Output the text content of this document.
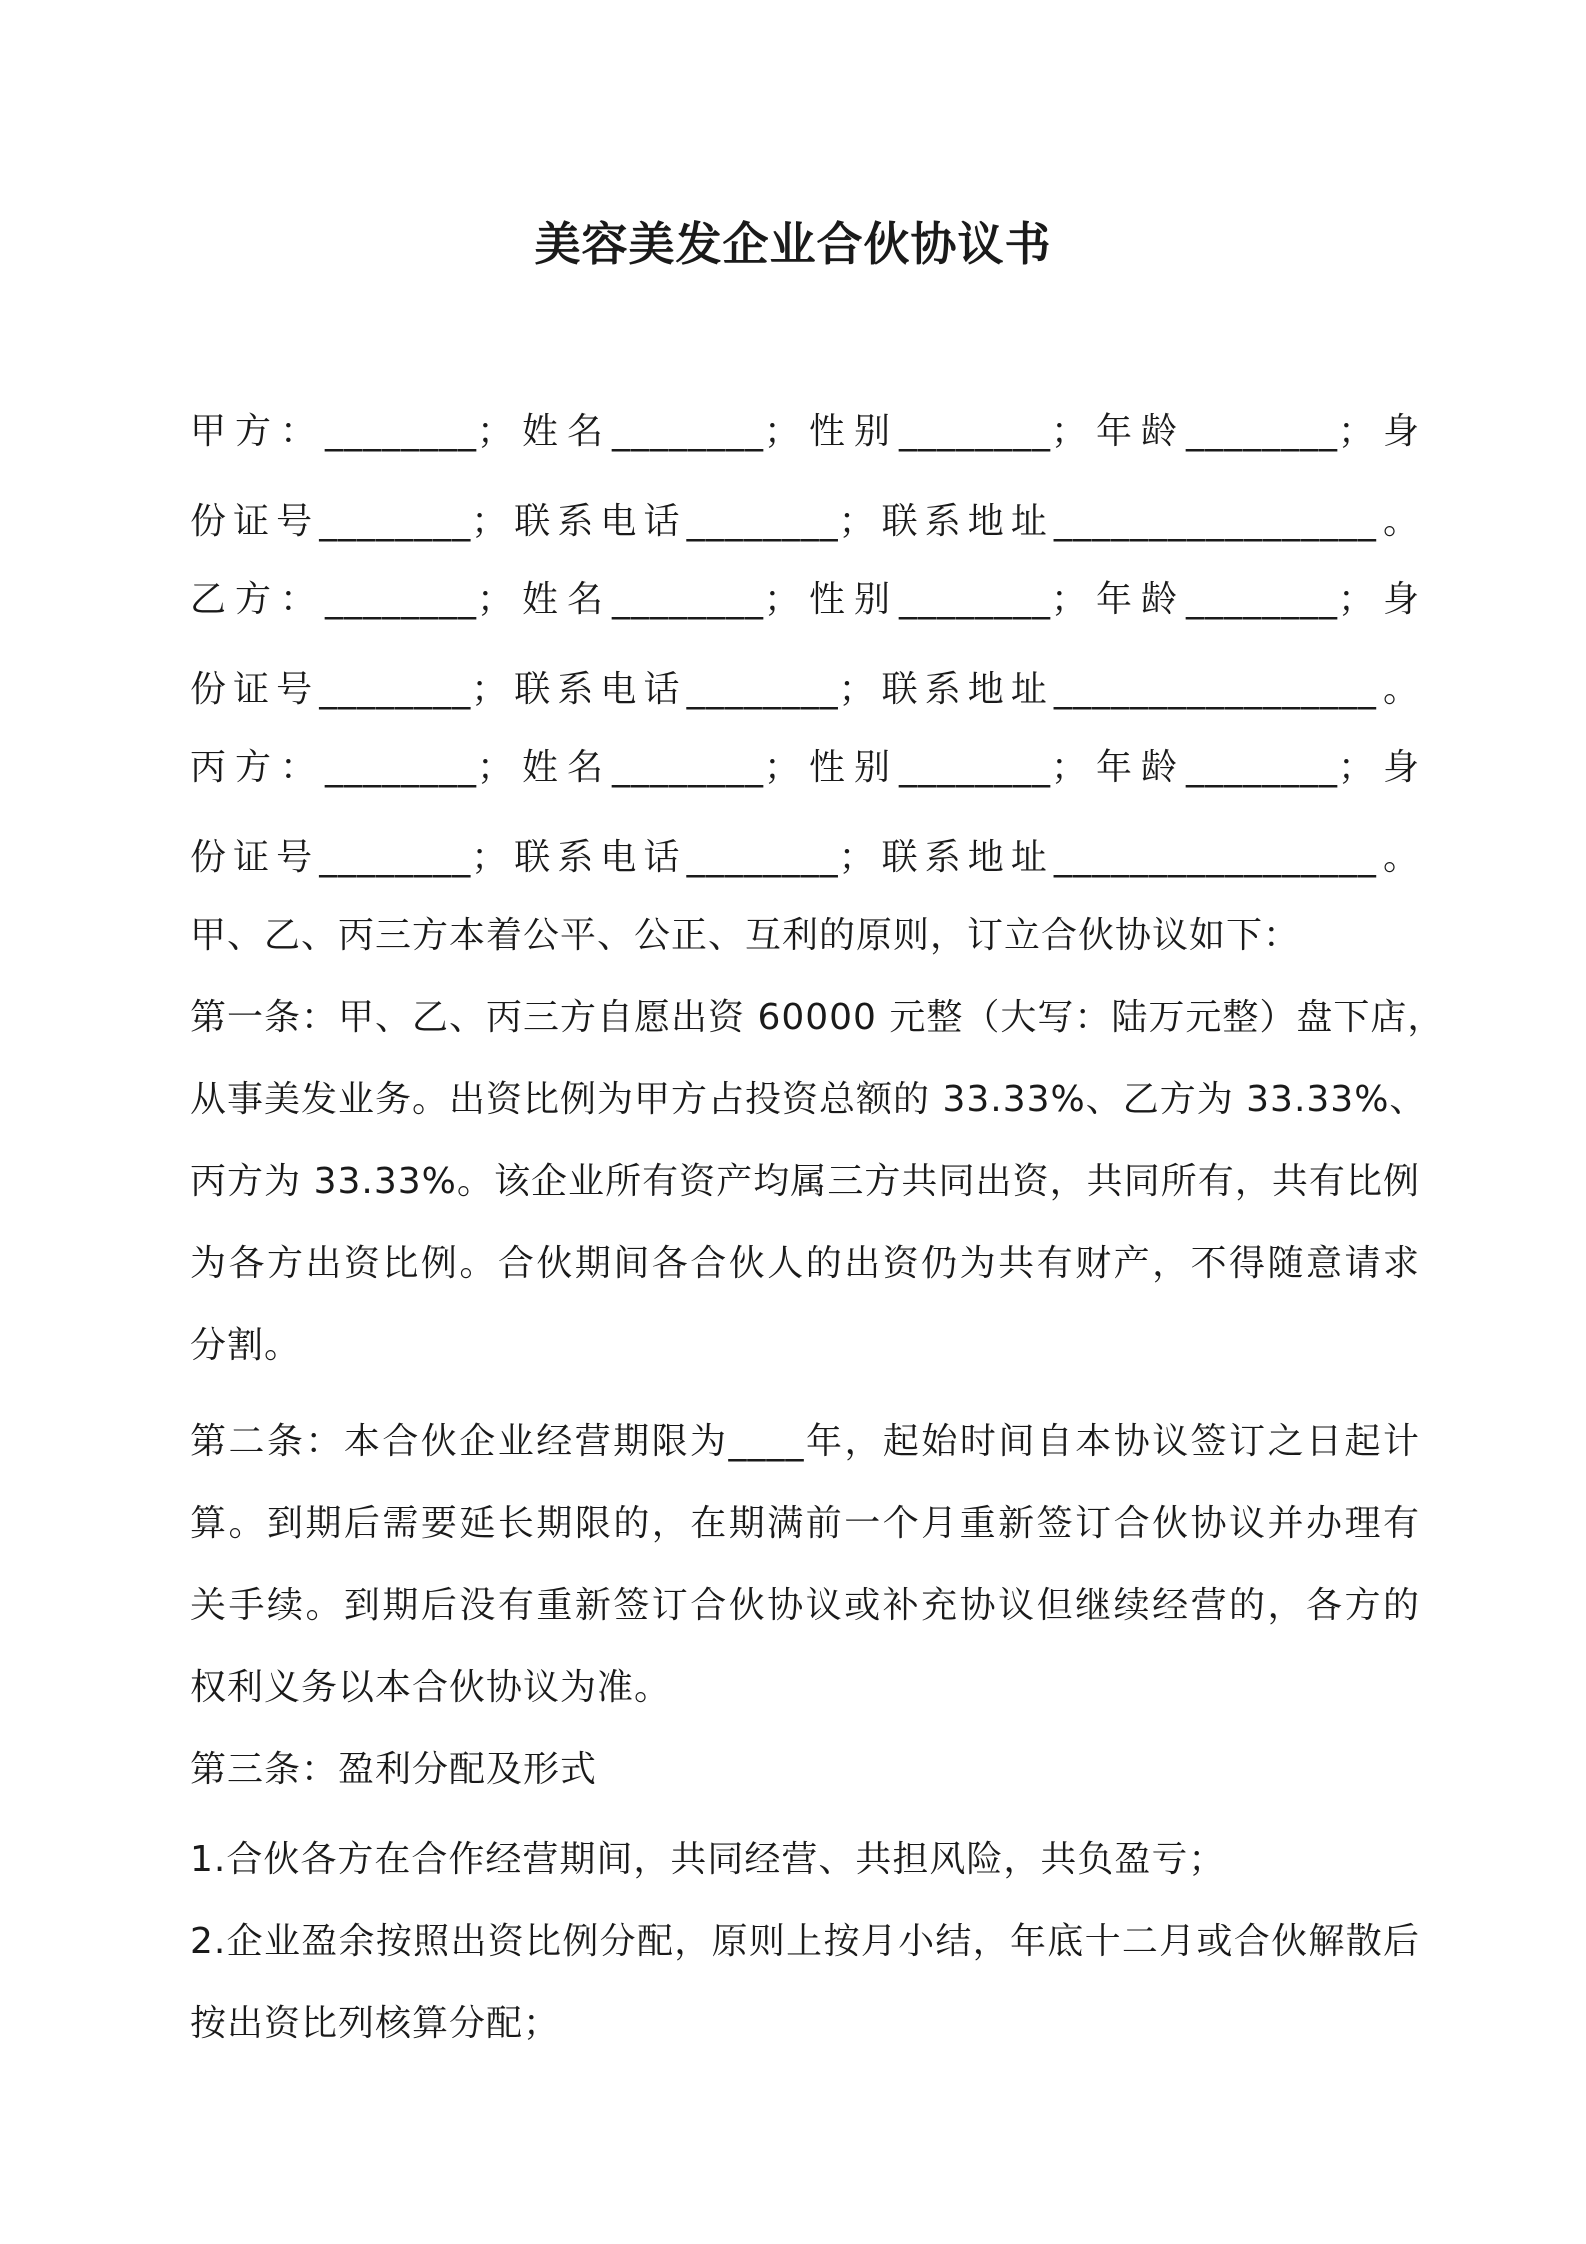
美容美发企业合伙协议书
甲方：________；姓名________；性别________；年龄________；身
份证号________；联系电话________；联系地址_________________。
乙方：________；姓名________；性别________；年龄________；身
份证号________；联系电话________；联系地址_________________。
丙方：________；姓名________；性别________；年龄________；身
份证号________；联系电话________；联系地址_________________。
甲、乙、丙三方本着公平、公正、互利的原则，订立合伙协议如下：
第一条：甲、乙、丙三方自愿出资 60000 元整（大写：陆万元整）盘下店，
从事美发业务。出资比例为甲方占投资总额的 33.33%、乙方为 33.33%、
丙方为 33.33%。该企业所有资产均属三方共同出资，共同所有，共有比例
为各方出资比例。合伙期间各合伙人的出资仍为共有财产，不得随意请求
分割。
第二条：本合伙企业经营期限为____年，起始时间自本协议签订之日起计
算。到期后需要延长期限的，在期满前一个月重新签订合伙协议并办理有
关手续。到期后没有重新签订合伙协议或补充协议但继续经营的，各方的
权利义务以本合伙协议为准。
第三条：盈利分配及形式
1.合伙各方在合作经营期间，共同经营、共担风险，共负盈亏；
2.企业盈余按照出资比例分配，原则上按月小结，年底十二月或合伙解散后
按出资比列核算分配；
